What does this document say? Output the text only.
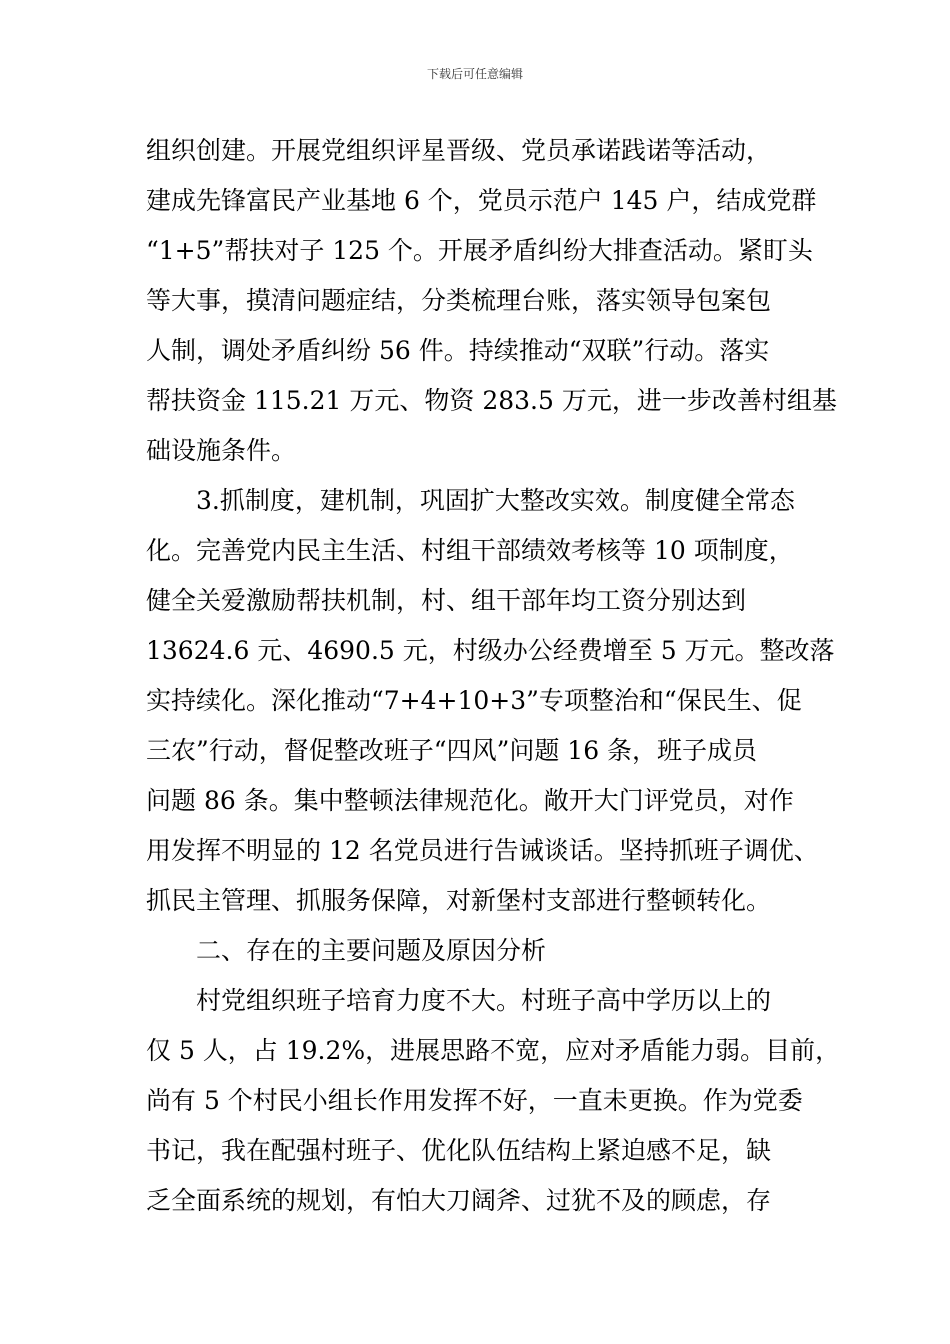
下载后可任意编辑
组织创建。开展党组织评星晋级、党员承诺践诺等活动，
建成先锋富民产业基地 6 个，党员示范户 145 户，结成党群
“1+5”帮扶对子 125 个。开展矛盾纠纷大排查活动。紧盯头
等大事，摸清问题症结，分类梳理台账，落实领导包案包
人制，调处矛盾纠纷 56 件。持续推动“双联”行动。落实
帮扶资金 115.21 万元、物资 283.5 万元，进一步改善村组基
础设施条件。
3.抓制度，建机制，巩固扩大整改实效。制度健全常态
化。完善党内民主生活、村组干部绩效考核等 10 项制度，
健全关爱激励帮扶机制，村、组干部年均工资分别达到
13624.6 元、4690.5 元，村级办公经费增至 5 万元。整改落
实持续化。深化推动“7+4+10+3”专项整治和“保民生、促
三农”行动，督促整改班子“四风”问题 16 条，班子成员
问题 86 条。集中整顿法律规范化。敞开大门评党员，对作
用发挥不明显的 12 名党员进行告诫谈话。坚持抓班子调优、
抓民主管理、抓服务保障，对新堡村支部进行整顿转化。
二、存在的主要问题及原因分析
村党组织班子培育力度不大。村班子高中学历以上的
仅 5 人，占 19.2%，进展思路不宽，应对矛盾能力弱。目前，
尚有 5 个村民小组长作用发挥不好，一直未更换。作为党委
书记，我在配强村班子、优化队伍结构上紧迫感不足，缺
乏全面系统的规划，有怕大刀阔斧、过犹不及的顾虑，存
